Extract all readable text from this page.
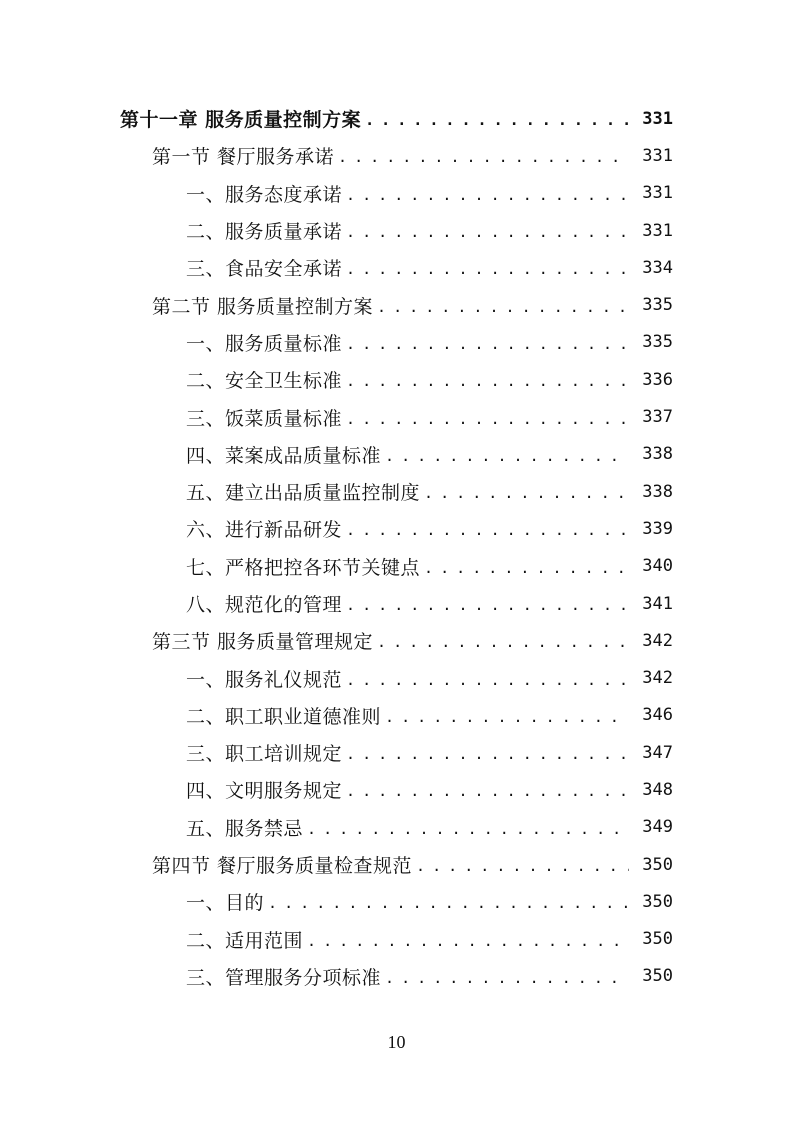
第十一章 服务质量控制方案 . . .	331
第一节 餐厅服务承诺 . . .	331
一、服务态度承诺 . . .	331
二、服务质量承诺 . . .	331
三、食品安全承诺 . . .	334
第二节 服务质量控制方案 . . .	335
一、服务质量标准 . . .	335
二、安全卫生标准 . . .	336
三、饭菜质量标准 . . .	337
四、菜案成品质量标准 . . .	338
五、建立出品质量监控制度 . . .	338
六、进行新品研发 . . .	339
七、严格把控各环节关键点 . . .	340
八、规范化的管理 . . .	341
第三节 服务质量管理规定 . . .	342
一、服务礼仪规范 . . .	342
二、职工职业道德准则 . . .	346
三、职工培训规定 . . .	347
四、文明服务规定 . . .	348
五、服务禁忌 . . .	349
第四节 餐厅服务质量检查规范 . . .	350
一、目的 . . .	350
二、适用范围 . . .	350
三、管理服务分项标准 . . .	350
10
